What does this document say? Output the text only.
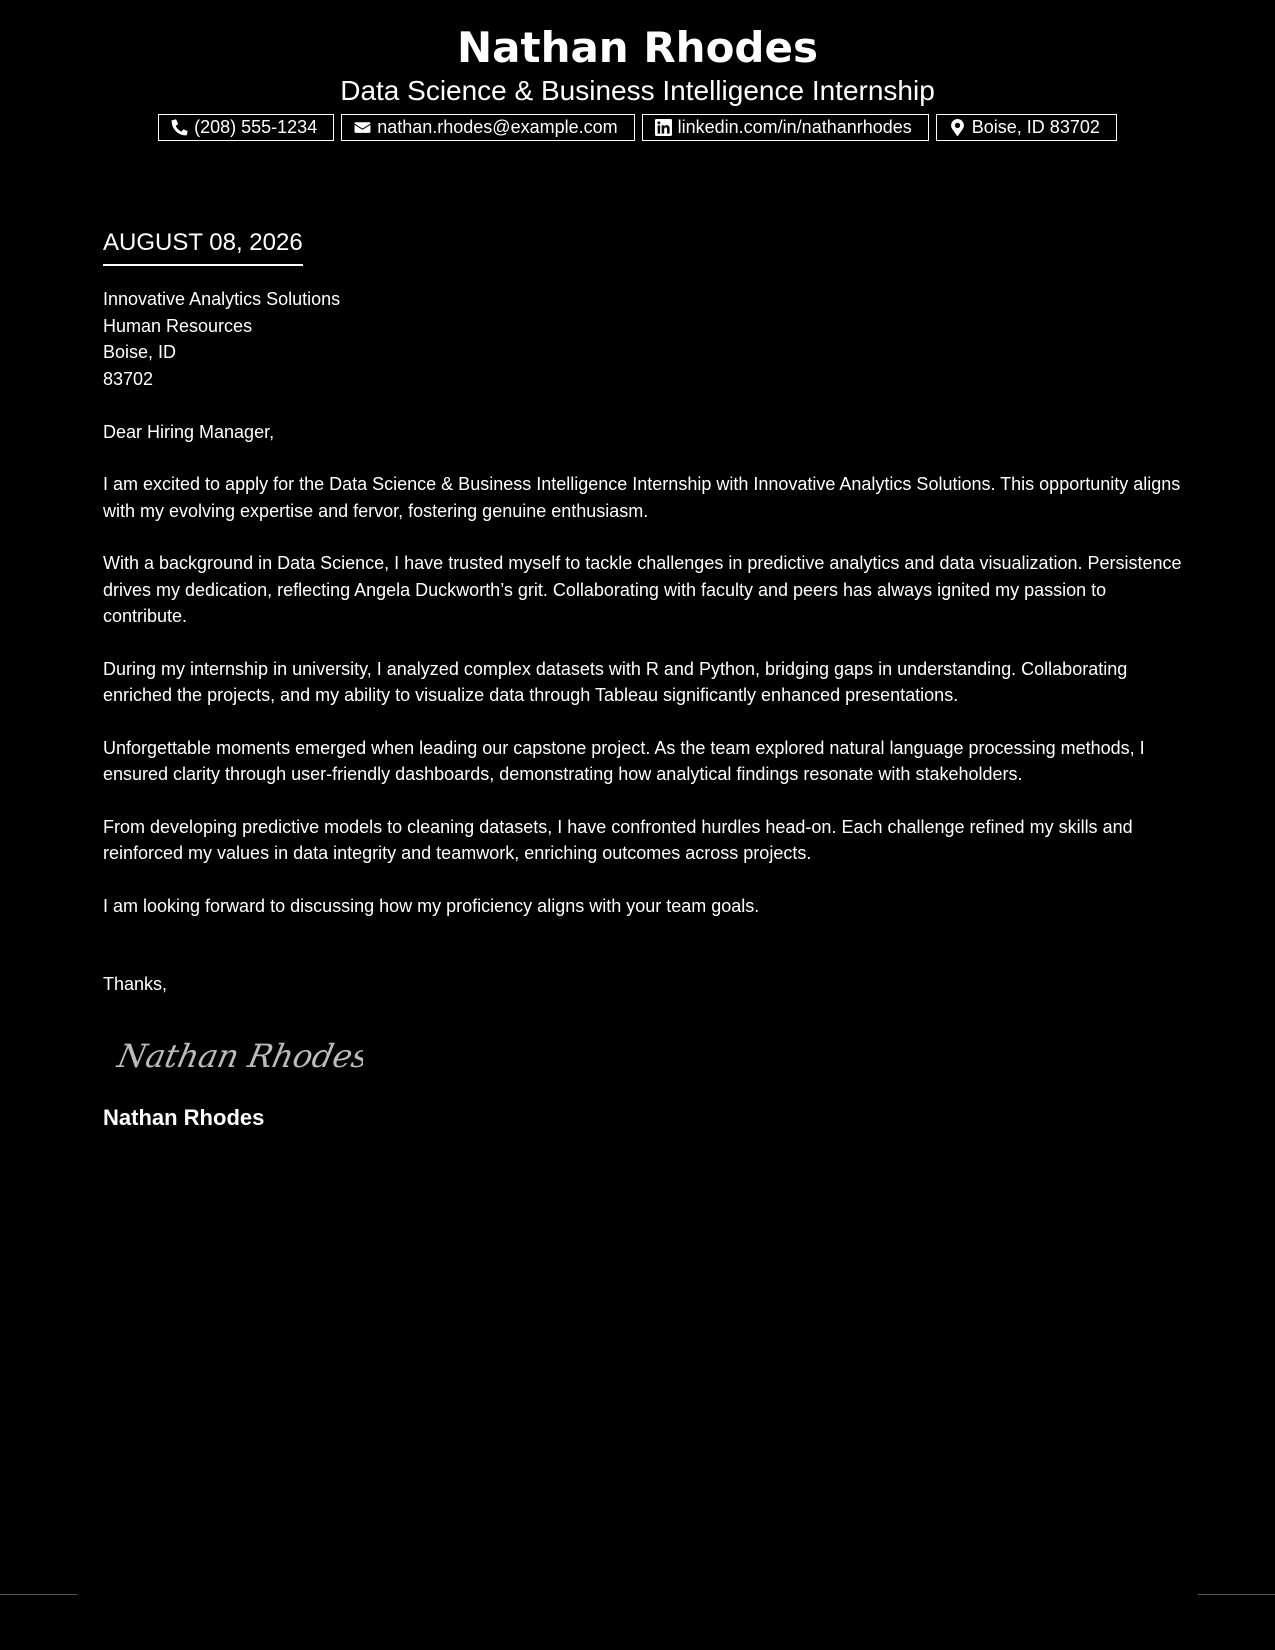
Nathan Rhodes
Data Science & Business Intelligence Internship
(208) 555-1234	nathan.rhodes@example.com	linkedin.com/in/nathanrhodes	Boise, ID 83702
AUGUST 08, 2026
Innovative Analytics Solutions
Human Resources
Boise, ID
83702
Dear Hiring Manager,

I am excited to apply for the Data Science & Business Intelligence Internship with Innovative Analytics Solutions. This opportunity aligns with my evolving expertise and fervor, fostering genuine enthusiasm.

With a background in Data Science, I have trusted myself to tackle challenges in predictive analytics and data visualization. Persistence drives my dedication, reflecting Angela Duckworth’s grit. Collaborating with faculty and peers has always ignited my passion to contribute.

During my internship in university, I analyzed complex datasets with R and Python, bridging gaps in understanding. Collaborating enriched the projects, and my ability to visualize data through Tableau significantly enhanced presentations.

Unforgettable moments emerged when leading our capstone project. As the team explored natural language processing methods, I ensured clarity through user-friendly dashboards, demonstrating how analytical findings resonate with stakeholders.

From developing predictive models to cleaning datasets, I have confronted hurdles head-on. Each challenge refined my skills and reinforced my values in data integrity and teamwork, enriching outcomes across projects.

I am looking forward to discussing how my proficiency aligns with your team goals.

Thanks,
Nathan Rhodes
Nathan Rhodes
